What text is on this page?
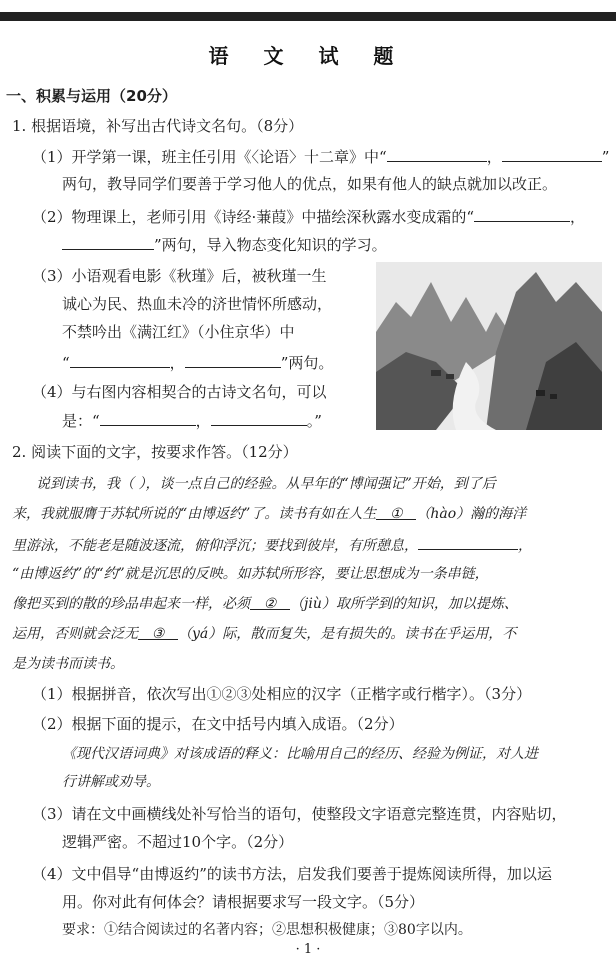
语 文 试 题
一、积累与运用（20分）
1. 根据语境，补写出古代诗文名句。（8分）
（1）开学第一课，班主任引用《〈论语〉十二章》中“	，	”
两句，教导同学们要善于学习他人的优点，如果有他人的缺点就加以改正。
（2）物理课上，老师引用《诗经·蒹葭》中描绘深秋露水变成霜的“	，
”两句，导入物态变化知识的学习。
（3）小语观看电影《秋瑾》后，被秋瑾一生
诚心为民、热血未冷的济世情怀所感动，
不禁吟出《满江红》（小住京华）中
“	，	”两句。
（4）与右图内容相契合的古诗文名句，可以
是：“	，	。”
2. 阅读下面的文字，按要求作答。（12分）
说到读书，我（ ），谈一点自己的经验。从早年的“博闻强记”开始，到了后
来，我就服膺于苏轼所说的“由博返约”了。读书有如在人生 ① （hào）瀚的海洋
里游泳，不能老是随波逐流，俯仰浮沉；要找到彼岸，有所憩息，	，
“由博返约”的“约”就是沉思的反映。如苏轼所形容，要让思想成为一条串链，
像把买到的散的珍品串起来一样，必须 ② （jiù）取所学到的知识，加以提炼、
运用，否则就会泛无 ③ （yá）际，散而复失，是有损失的。读书在乎运用，不
是为读书而读书。
（1）根据拼音，依次写出①②③处相应的汉字（正楷字或行楷字）。（3分）
（2）根据下面的提示，在文中括号内填入成语。（2分）
《现代汉语词典》对该成语的释义：比喻用自己的经历、经验为例证，对人进
行讲解或劝导。
（3）请在文中画横线处补写恰当的语句，使整段文字语意完整连贯，内容贴切，
逻辑严密。不超过10个字。（2分）
（4）文中倡导“由博返约”的读书方法，启发我们要善于提炼阅读所得，加以运
用。你对此有何体会？请根据要求写一段文字。（5分）
要求：①结合阅读过的名著内容；②思想积极健康；③80字以内。
· 1 ·
